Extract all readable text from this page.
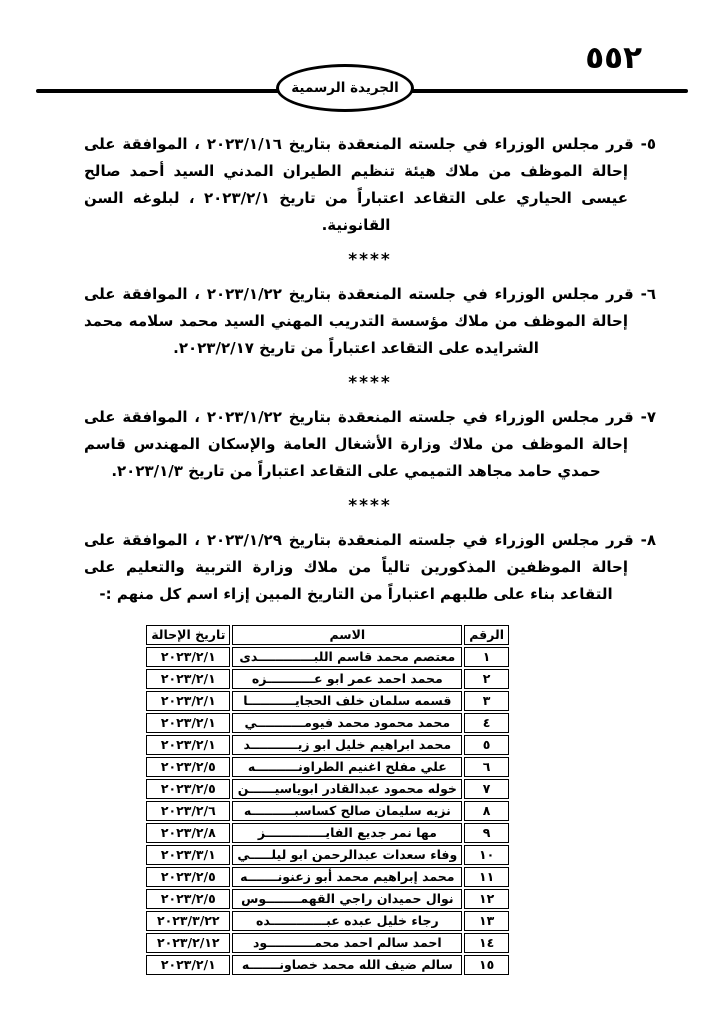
٥٥٢
الجريدة الرسمية

٥- قرر مجلس الوزراء في جلسته المنعقدة بتاريخ ٢٠٢٣/١/١٦ ، الموافقة على إحالة الموظف من ملاك هيئة تنظيم الطيران المدني السيد أحمد صالح عيسى الحياري على التقاعد اعتباراً من تاريخ ٢٠٢٣/٢/١ ، لبلوغه السن القانونية.

****

٦- قرر مجلس الوزراء في جلسته المنعقدة بتاريخ ٢٠٢٣/١/٢٢ ، الموافقة على إحالة الموظف من ملاك مؤسسة التدريب المهني السيد محمد سلامه محمد الشرايده على التقاعد اعتباراً من تاريخ ٢٠٢٣/٢/١٧.

****

٧- قرر مجلس الوزراء في جلسته المنعقدة بتاريخ ٢٠٢٣/١/٢٢ ، الموافقة على إحالة الموظف من ملاك وزارة الأشغال العامة والإسكان المهندس قاسم حمدي حامد مجاهد التميمي على التقاعد اعتباراً من تاريخ ٢٠٢٣/١/٣.

****

٨- قرر مجلس الوزراء في جلسته المنعقدة بتاريخ ٢٠٢٣/١/٢٩ ، الموافقة على إحالة الموظفين المذكورين تالياً من ملاك وزارة التربية والتعليم على التقاعد بناء على طلبهم اعتباراً من التاريخ المبين إزاء اسم كل منهم :-

الرقم	الاسم	تاريخ الإحالة
١	معتصم محمد قاسم اللبـــــــــــــدى	٢٠٢٣/٢/١
٢	محمد احمد عمر ابو عـــــــــــزه	٢٠٢٣/٢/١
٣	قسمه سلمان خلف الحجايـــــــــــا	٢٠٢٣/٢/١
٤	محمد محمود محمد فيومـــــــــــي	٢٠٢٣/٢/١
٥	محمد ابراهيم خليل ابو زيـــــــــــد	٢٠٢٣/٢/١
٦	علي مفلح اغنيم الطراونــــــــــه	٢٠٢٣/٢/٥
٧	خوله محمود عبدالقادر ابوياسيــــــن	٢٠٢٣/٢/٥
٨	نزيه سليمان صالح كساسبــــــــــه	٢٠٢٣/٢/٦
٩	مها نمر جديع الفايــــــــــــــز	٢٠٢٣/٢/٨
١٠	وفاء سعدات عبدالرحمن ابو ليلـــــي	٢٠٢٣/٣/١
١١	محمد إبراهيم محمد أبو زعنونـــــــه	٢٠٢٣/٢/٥
١٢	نوال حميدان راجي القهمــــــــوس	٢٠٢٣/٢/٥
١٣	رجاء خليل عبده عبـــــــــــــده	٢٠٢٣/٣/٢٢
١٤	احمد سالم احمد محمـــــــــــود	٢٠٢٣/٢/١٢
١٥	سالم ضيف الله محمد خصاونـــــــه	٢٠٢٣/٢/١
